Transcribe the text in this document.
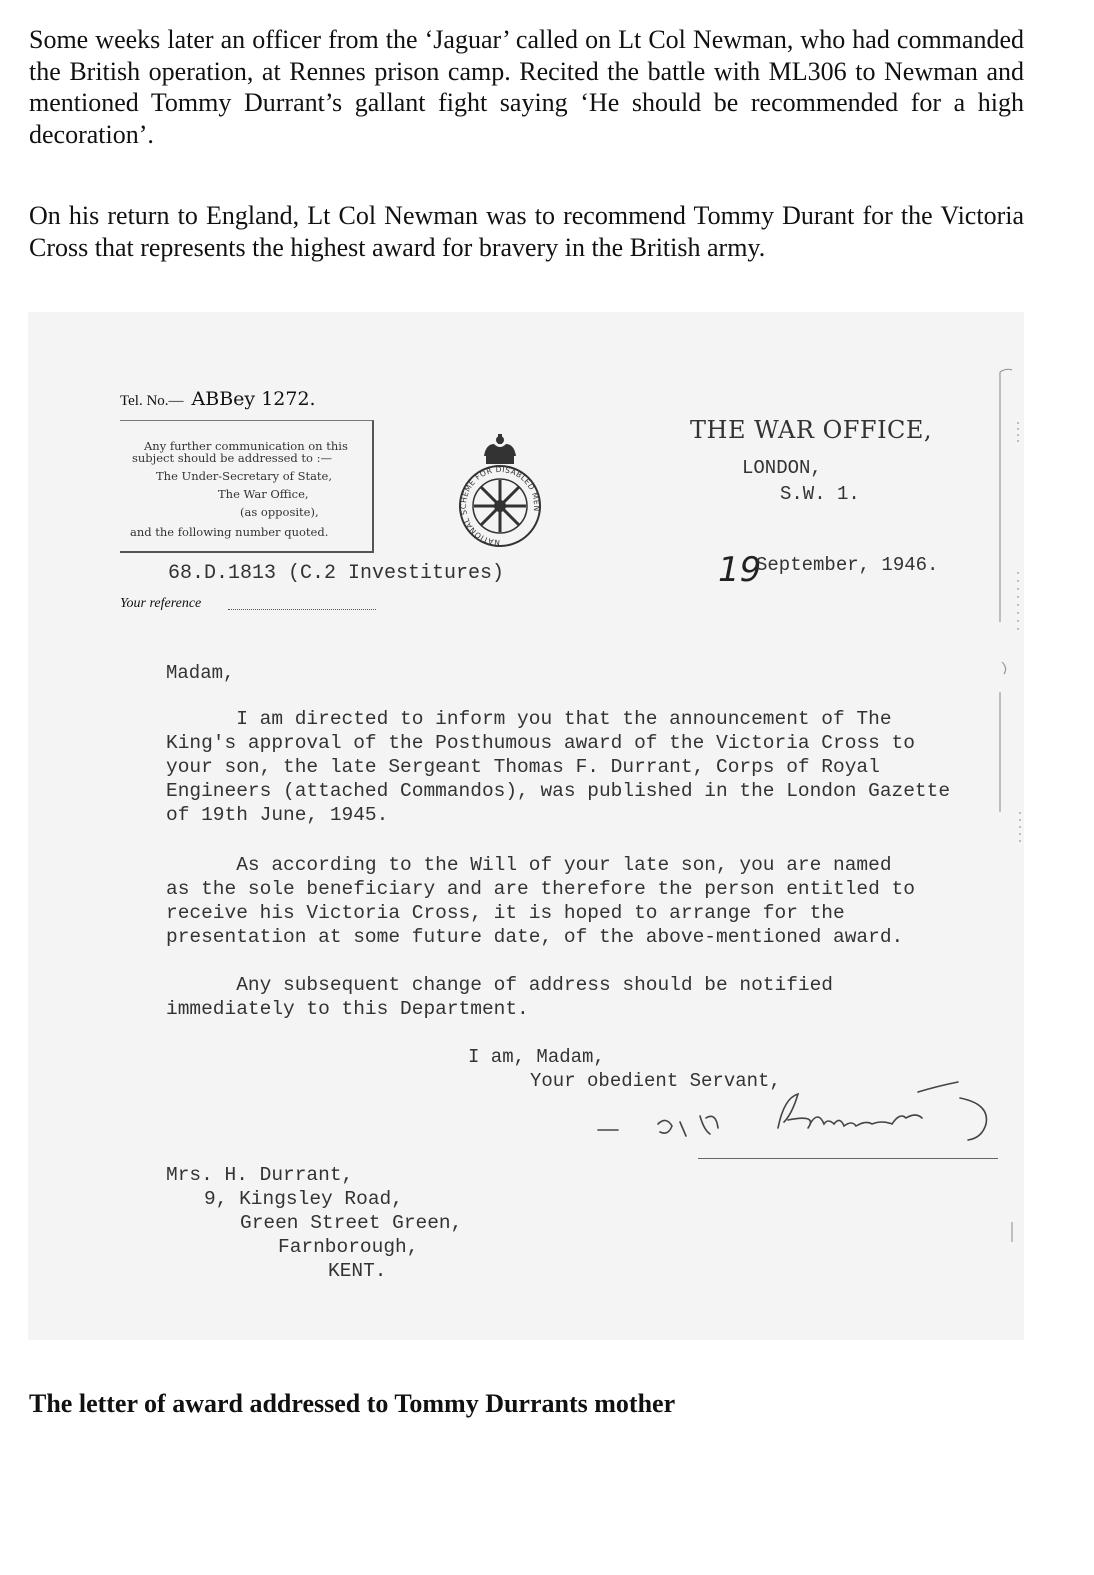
Some weeks later an officer from the ‘Jaguar’ called on Lt Col Newman, who had commanded the British operation, at Rennes prison camp. Recited the battle with ML306 to Newman and mentioned Tommy Durrant’s gallant fight saying ‘He should be recommended for a high decoration’.

On his return to England, Lt Col Newman was to recommend Tommy Durant for the Victoria Cross that represents the highest award for bravery in the British army.

Tel. No.— ABBey 1272.
Any further communication on this
subject should be addressed to :—
The Under-Secretary of State,
The War Office,
(as opposite),
and the following number quoted.
NATIONAL SCHEME FOR DISABLED MEN
THE WAR OFFICE,
LONDON,
S.W. 1.
68.D.1813 (C.2 Investitures)
Your reference
19
September, 1946.
Madam,
I am directed to inform you that the announcement of The
King's approval of the Posthumous award of the Victoria Cross to
your son, the late Sergeant Thomas F. Durrant, Corps of Royal
Engineers (attached Commandos), was published in the London Gazette
of 19th June, 1945.
As according to the Will of your late son, you are named
as the sole beneficiary and are therefore the person entitled to
receive his Victoria Cross, it is hoped to arrange for the
presentation at some future date, of the above-mentioned award.
Any subsequent change of address should be notified
immediately to this Department.
I am, Madam,
Your obedient Servant,
Mrs. H. Durrant,
9, Kingsley Road,
Green Street Green,
Farnborough,
KENT.

The letter of award addressed to Tommy Durrants mother
